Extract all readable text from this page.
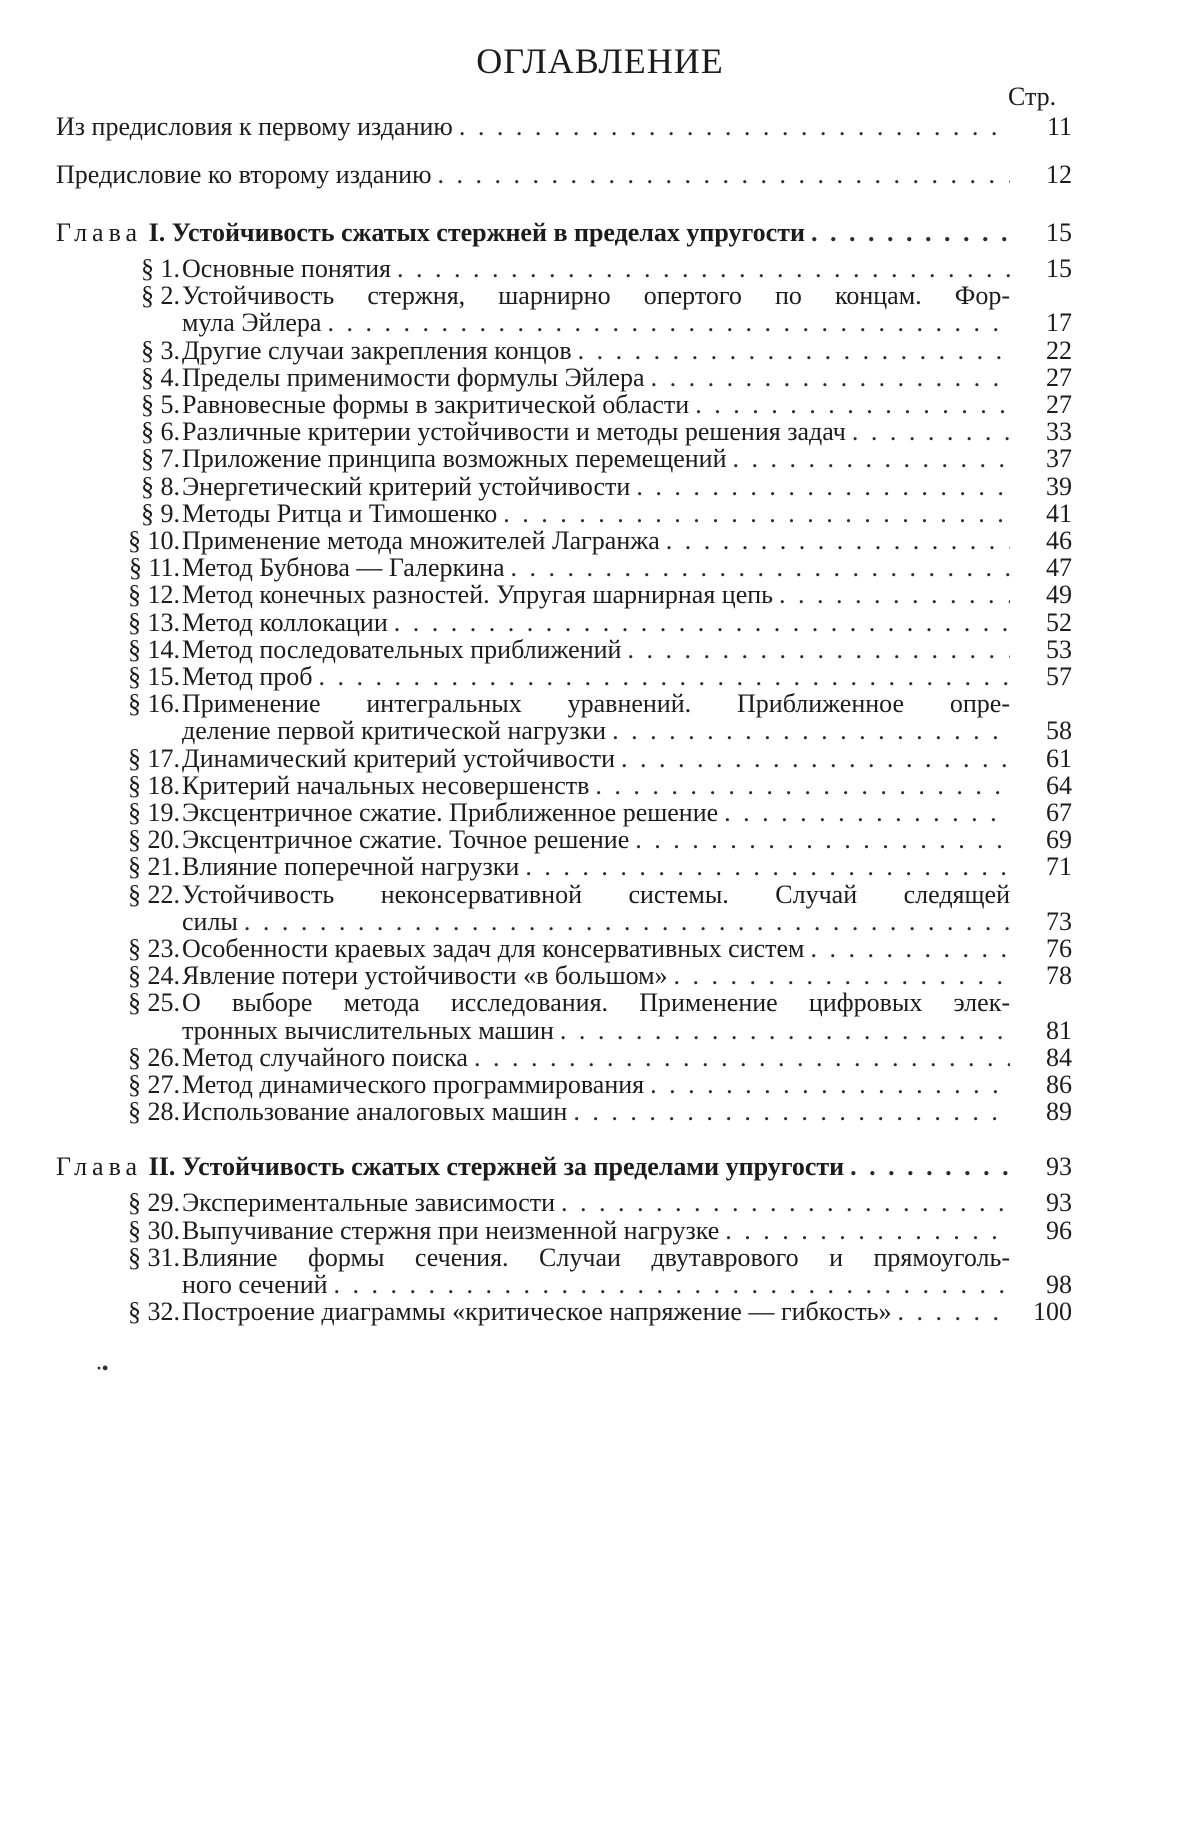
ОГЛАВЛЕНИЕ
Стр.
Из предисловия к первому изданию . . .	11
Предисловие ко второму изданию . . .	12
Глава
I. Устойчивость сжатых стержней в пределах упругости . . .	15
§ 1. Основные понятия . . .	15
§ 2. Устойчивость стержня, шарнирно опертого по концам. Фор-
мула Эйлера . . .	17
§ 3. Другие случаи закрепления концов . . .	22
§ 4. Пределы применимости формулы Эйлера . . .	27
§ 5. Равновесные формы в закритической области . . .	27
§ 6. Различные критерии устойчивости и методы решения задач . . .	33
§ 7. Приложение принципа возможных перемещений . . .	37
§ 8. Энергетический критерий устойчивости . . .	39
§ 9. Методы Ритца и Тимошенко . . .	41
§ 10. Применение метода множителей Лагранжа . . .	46
§ 11. Метод Бубнова — Галеркина . . .	47
§ 12. Метод конечных разностей. Упругая шарнирная цепь . . .	49
§ 13. Метод коллокации . . .	52
§ 14. Метод последовательных приближений . . .	53
§ 15. Метод проб . . .	57
§ 16. Применение интегральных уравнений. Приближенное опре-
деление первой критической нагрузки . . .	58
§ 17. Динамический критерий устойчивости . . .	61
§ 18. Критерий начальных несовершенств . . .	64
§ 19. Эксцентричное сжатие. Приближенное решение . . .	67
§ 20. Эксцентричное сжатие. Точное решение . . .	69
§ 21. Влияние поперечной нагрузки . . .	71
§ 22. Устойчивость неконсервативной системы. Случай следящей
силы . . .	73
§ 23. Особенности краевых задач для консервативных систем . . .	76
§ 24. Явление потери устойчивости «в большом» . . .	78
§ 25. О выборе метода исследования. Применение цифровых элек-
тронных вычислительных машин . . .	81
§ 26. Метод случайного поиска . . .	84
§ 27. Метод динамического программирования . . .	86
§ 28. Использование аналоговых машин . . .	89
Глава
II. Устойчивость сжатых стержней за пределами упругости . . .	93
§ 29. Экспериментальные зависимости . . .	93
§ 30. Выпучивание стержня при неизменной нагрузке . . .	96
§ 31. Влияние формы сечения. Случаи двутаврового и прямоуголь-
ного сечений . . .	98
§ 32. Построение диаграммы «критическое напряжение — гибкость» . . .	100
·•
